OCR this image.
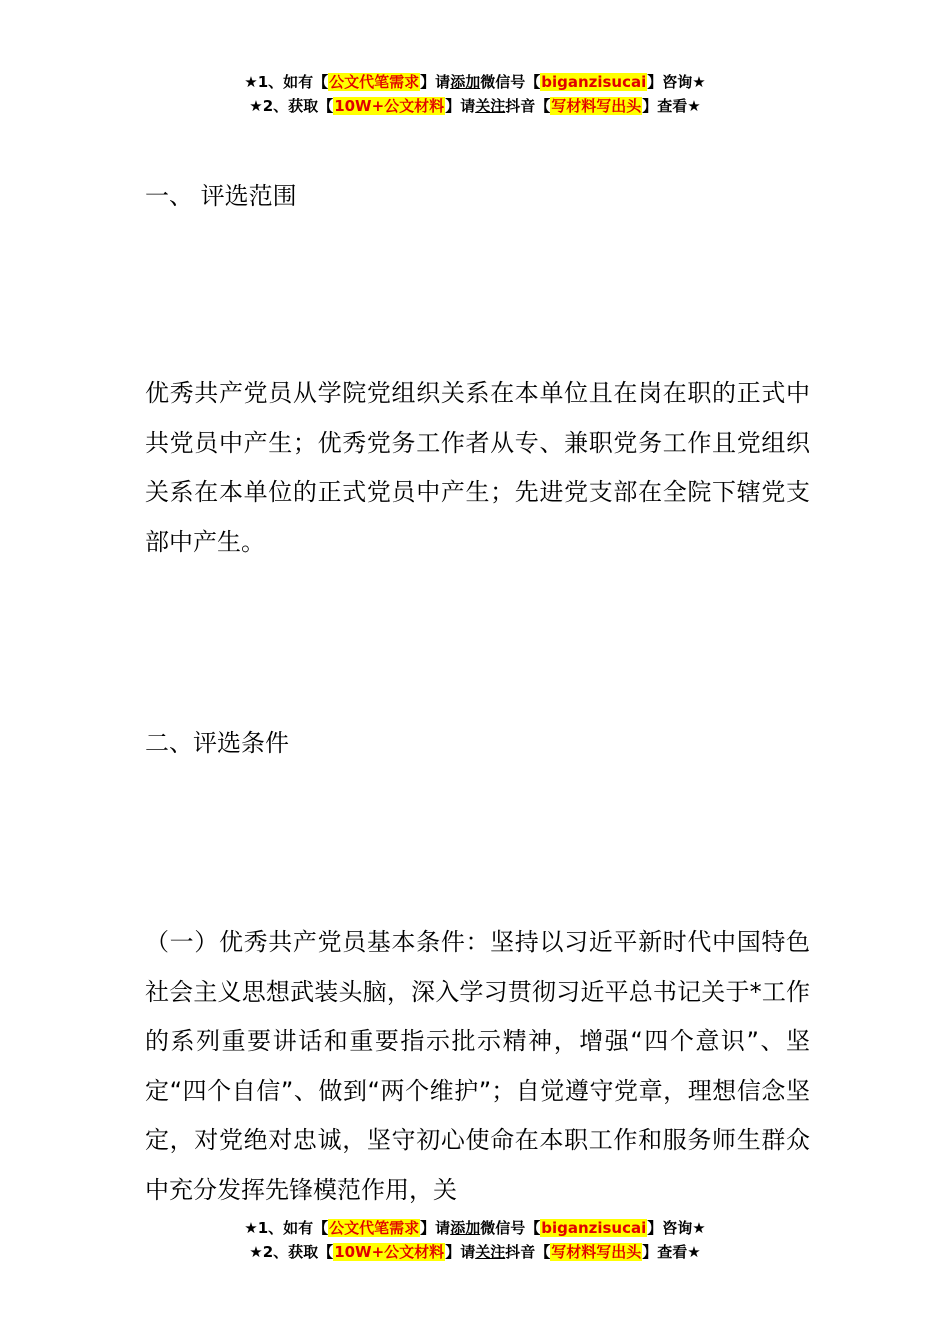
★1、如有【公文代笔需求】请添加微信号【biganzisucai】咨询★
★2、获取【10W+公文材料】请关注抖音【写材料写出头】查看★
一、 评选范围
优秀共产党员从学院党组织关系在本单位且在岗在职的正式中共党员中产生；优秀党务工作者从专、兼职党务工作且党组织关系在本单位的正式党员中产生；先进党支部在全院下辖党支部中产生。
二、评选条件
（一）优秀共产党员基本条件：坚持以习近平新时代中国特色社会主义思想武装头脑，深入学习贯彻习近平总书记关于*工作的系列重要讲话和重要指示批示精神，增强“四个意识”、坚定“四个自信”、做到“两个维护”；自觉遵守党章，理想信念坚定，对党绝对忠诚，坚守初心使命在本职工作和服务师生群众中充分发挥先锋模范作用，关
★1、如有【公文代笔需求】请添加微信号【biganzisucai】咨询★
★2、获取【10W+公文材料】请关注抖音【写材料写出头】查看★
